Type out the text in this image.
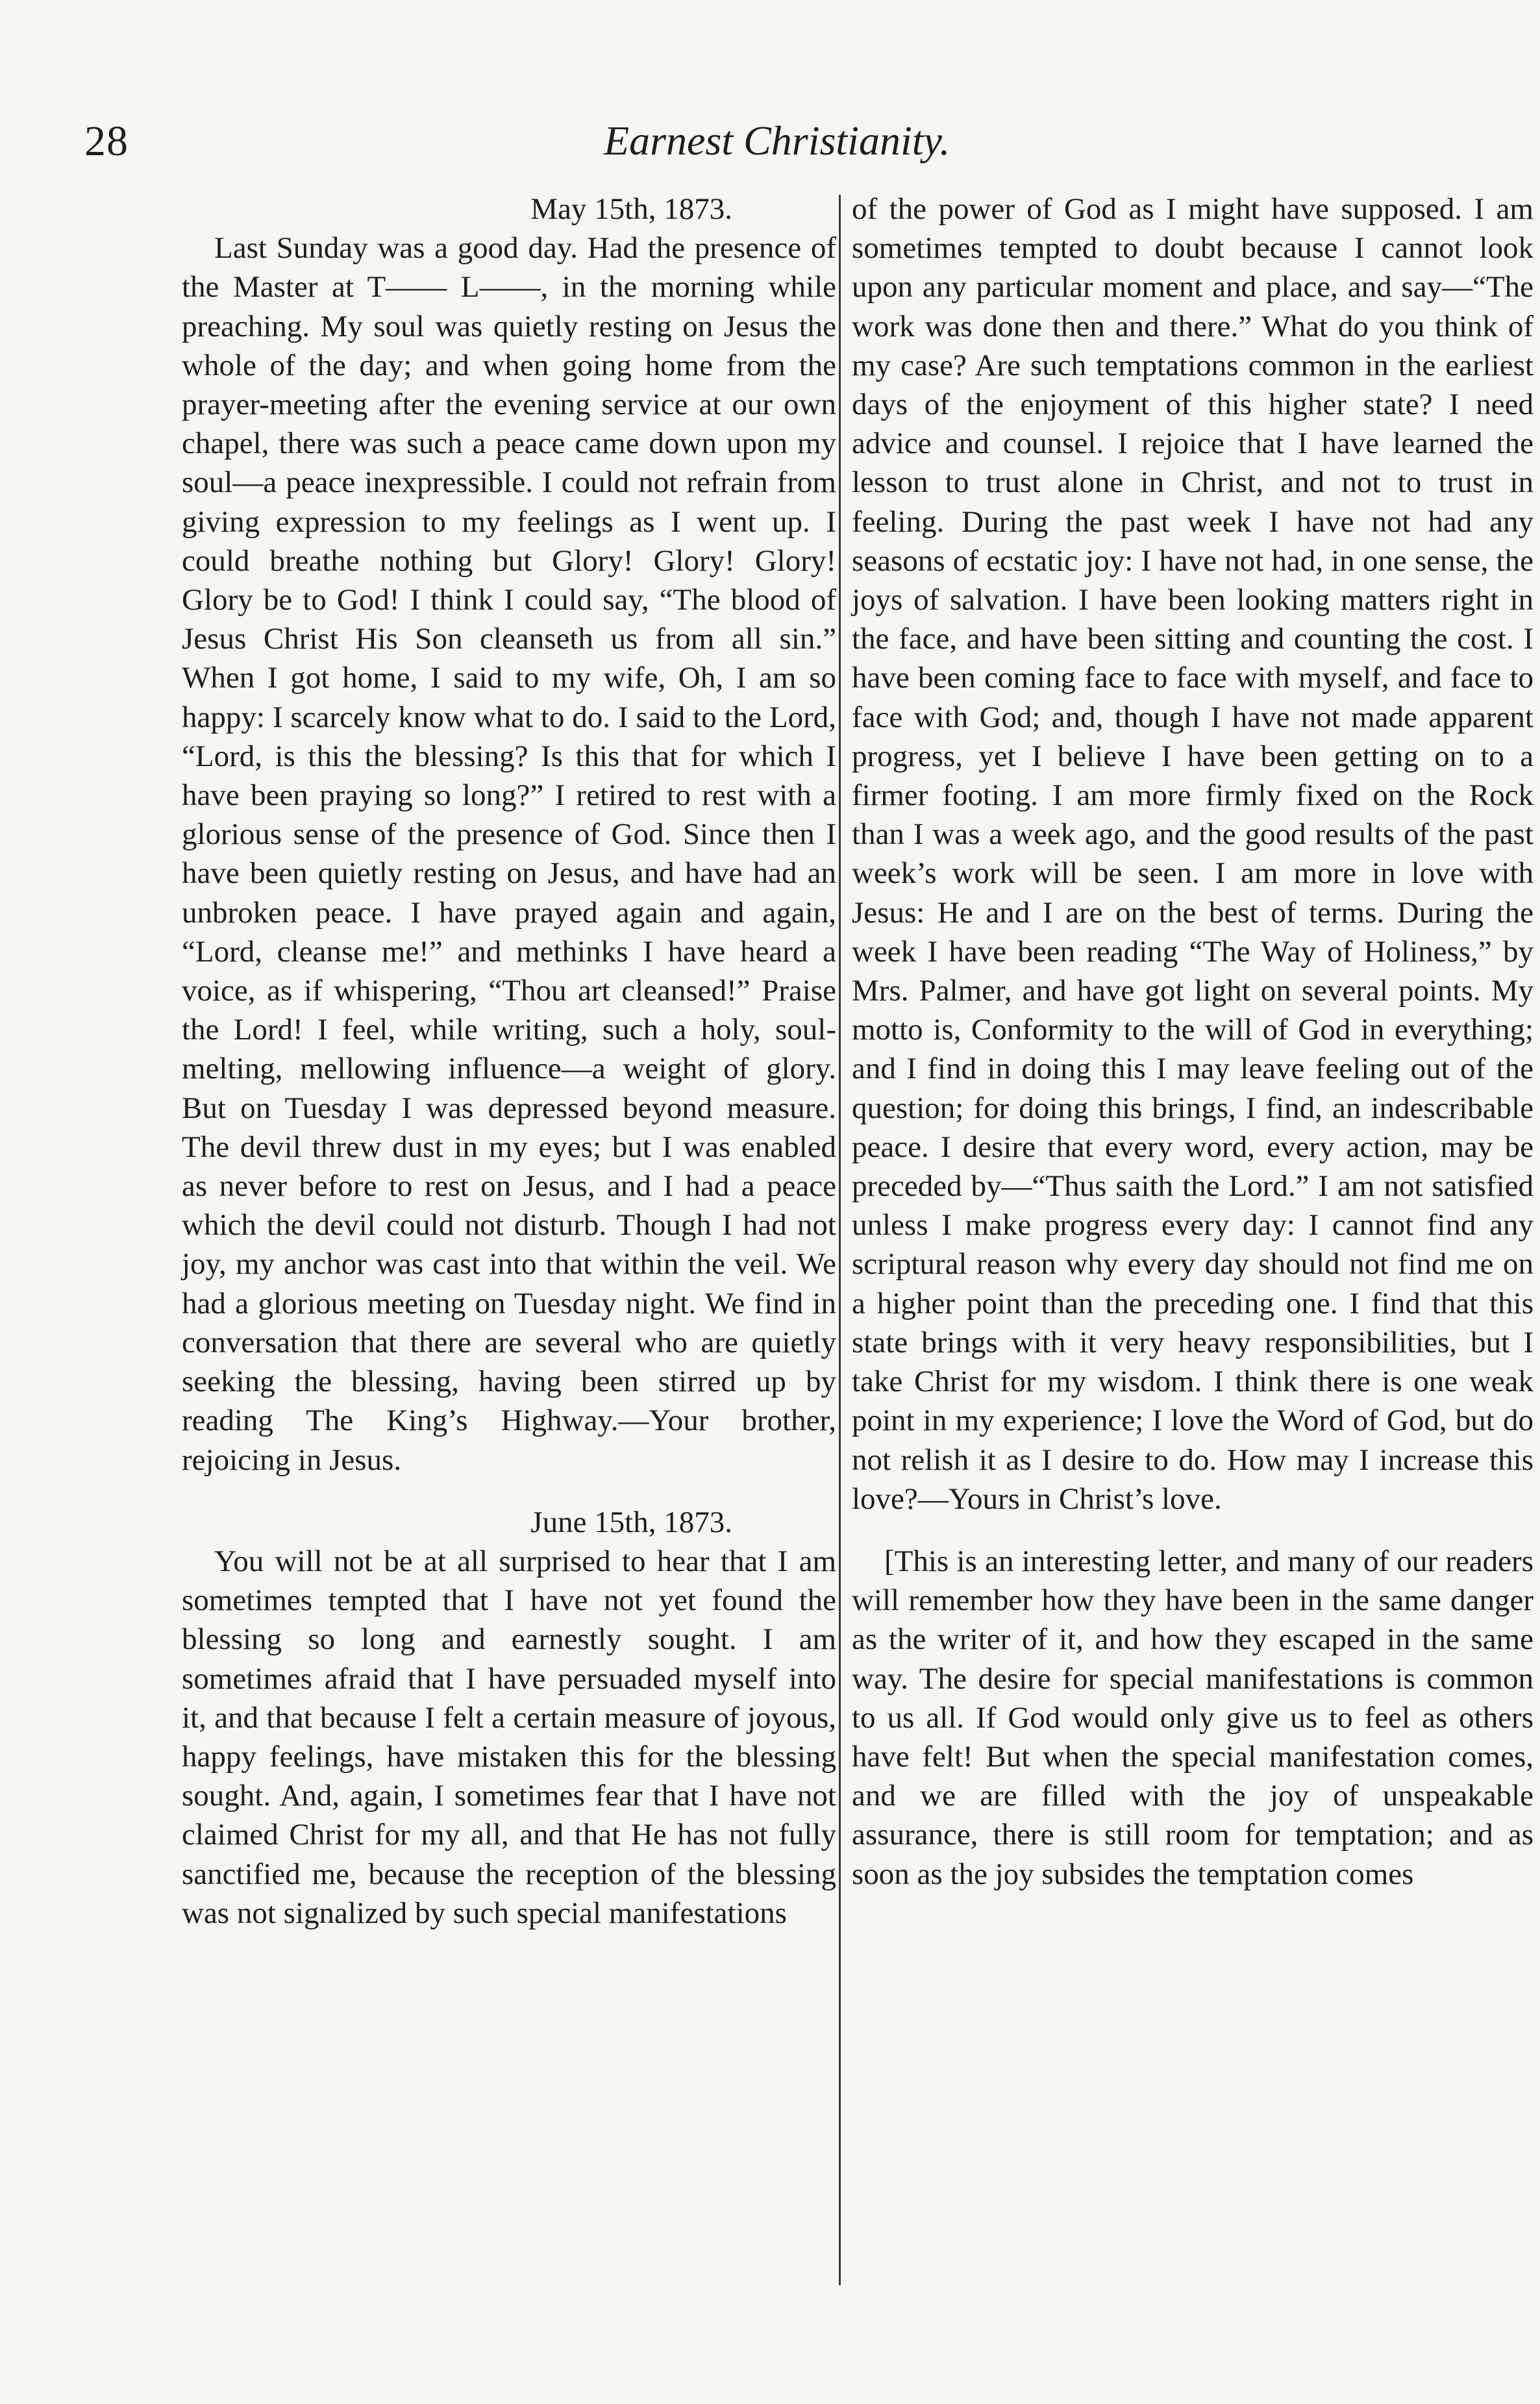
28	Earnest Christianity.

May 15th, 1873.

Last Sunday was a good day. Had the presence of the Master at T—— L——, in the morning while preaching. My soul was quietly resting on Jesus the whole of the day; and when going home from the prayer-meeting after the evening service at our own chapel, there was such a peace came down upon my soul—a peace inexpressible. I could not refrain from giving expression to my feelings as I went up. I could breathe nothing but Glory! Glory! Glory! Glory be to God! I think I could say, “The blood of Jesus Christ His Son cleanseth us from all sin.” When I got home, I said to my wife, Oh, I am so happy: I scarcely know what to do. I said to the Lord, “Lord, is this the blessing? Is this that for which I have been praying so long?” I retired to rest with a glorious sense of the presence of God. Since then I have been quietly resting on Jesus, and have had an unbroken peace. I have prayed again and again, “Lord, cleanse me!” and methinks I have heard a voice, as if whispering, “Thou art cleansed!” Praise the Lord! I feel, while writing, such a holy, soul-melting, mellowing influence—a weight of glory. But on Tuesday I was depressed beyond measure. The devil threw dust in my eyes; but I was enabled as never before to rest on Jesus, and I had a peace which the devil could not disturb. Though I had not joy, my anchor was cast into that within the veil. We had a glorious meeting on Tuesday night. We find in conversation that there are several who are quietly seeking the blessing, having been stirred up by reading The King’s Highway.—Your brother, rejoicing in Jesus.

June 15th, 1873.

You will not be at all surprised to hear that I am sometimes tempted that I have not yet found the blessing so long and earnestly sought. I am sometimes afraid that I have persuaded myself into it, and that because I felt a certain measure of joyous, happy feelings, have mistaken this for the blessing sought. And, again, I sometimes fear that I have not claimed Christ for my all, and that He has not fully sanctified me, because the reception of the blessing was not signalized by such special manifestations

of the power of God as I might have supposed. I am sometimes tempted to doubt because I cannot look upon any particular moment and place, and say—“The work was done then and there.” What do you think of my case? Are such temptations common in the earliest days of the enjoyment of this higher state? I need advice and counsel. I rejoice that I have learned the lesson to trust alone in Christ, and not to trust in feeling. During the past week I have not had any seasons of ecstatic joy: I have not had, in one sense, the joys of salvation. I have been looking matters right in the face, and have been sitting and counting the cost. I have been coming face to face with myself, and face to face with God; and, though I have not made apparent progress, yet I believe I have been getting on to a firmer footing. I am more firmly fixed on the Rock than I was a week ago, and the good results of the past week’s work will be seen. I am more in love with Jesus: He and I are on the best of terms. During the week I have been reading “The Way of Holiness,” by Mrs. Palmer, and have got light on several points. My motto is, Conformity to the will of God in everything; and I find in doing this I may leave feeling out of the question; for doing this brings, I find, an indescribable peace. I desire that every word, every action, may be preceded by—“Thus saith the Lord.” I am not satisfied unless I make progress every day: I cannot find any scriptural reason why every day should not find me on a higher point than the preceding one. I find that this state brings with it very heavy responsibilities, but I take Christ for my wisdom. I think there is one weak point in my experience; I love the Word of God, but do not relish it as I desire to do. How may I increase this love?—Yours in Christ’s love.

[This is an interesting letter, and many of our readers will remember how they have been in the same danger as the writer of it, and how they escaped in the same way. The desire for special manifestations is common to us all. If God would only give us to feel as others have felt! But when the special manifestation comes, and we are filled with the joy of unspeakable assurance, there is still room for temptation; and as soon as the joy subsides the temptation comes
